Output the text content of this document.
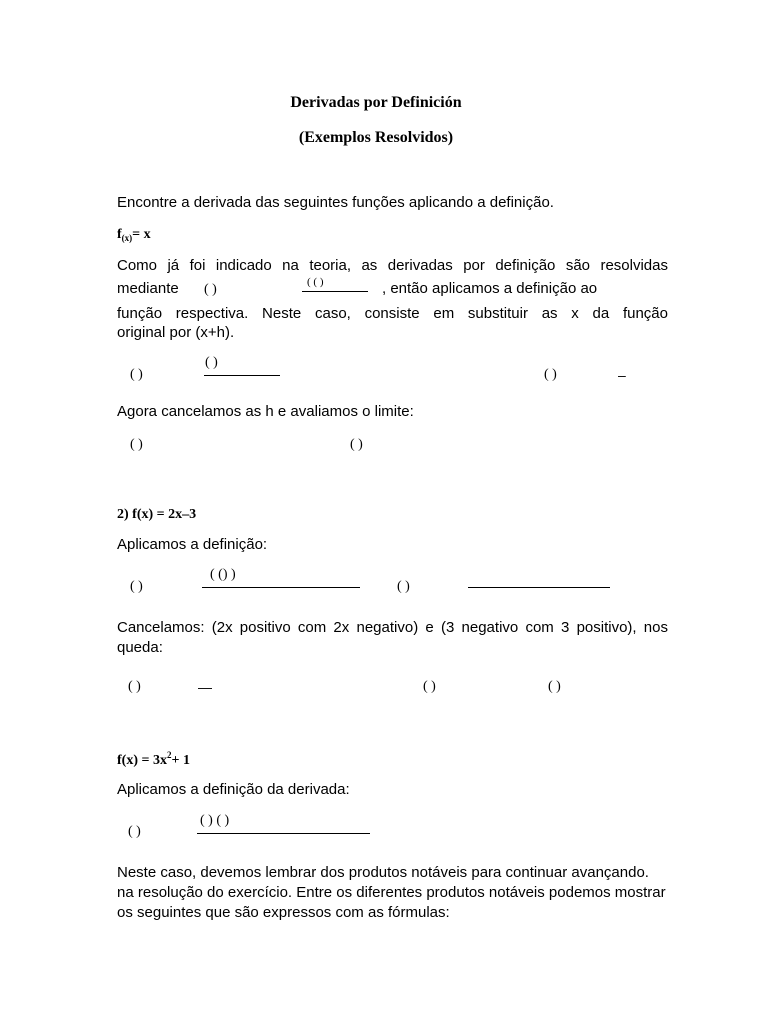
Derivadas por Definición
(Exemplos Resolvidos)
Encontre a derivada das seguintes funções aplicando a definição.
$f_{(x)}= x$
Como já foi indicado na teoria, as derivadas por definição são resolvidas
mediante ( )	( ( )	, então aplicamos a definição ao
função respectiva. Neste caso, consiste em substituir as x da função
original por (x+h).
( )
( )
( )	–
Agora cancelamos as h e avaliamos o limite:
( )	( )
2) f(x) = 2x–3
Aplicamos a definição:
( )
( () )
( )
Cancelamos: (2x positivo com 2x negativo) e (3 negativo com 3 positivo), nos queda:
( )	—	( )	( )
$f(x) = 3x^2+ 1$
Aplicamos a definição da derivada:
( )
( ) ( )
Neste caso, devemos lembrar dos produtos notáveis para continuar avançando. na resolução do exercício. Entre os diferentes produtos notáveis podemos mostrar os seguintes que são expressos com as fórmulas:
